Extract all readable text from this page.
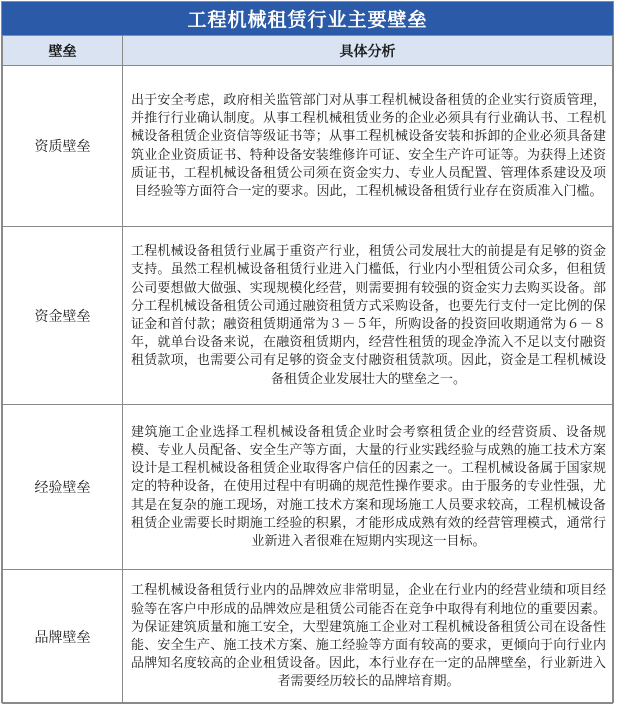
工程机械租赁行业主要壁垒
壁垒	具体分析
资质壁垒	出于安全考虑，政府相关监管部门对从事工程机械设备租赁的企业实行资质管理，并推行行业确认制度。从事工程机械租赁业务的企业必须具有行业确认书、工程机械设备租赁企业资信等级证书等；从事工程机械设备安装和拆卸的企业必须具备建筑业企业资质证书、特种设备安装维修许可证、安全生产许可证等。为获得上述资质证书，工程机械设备租赁公司须在资金实力、专业人员配置、管理体系建设及项目经验等方面符合一定的要求。因此，工程机械设备租赁行业存在资质准入门槛。
资金壁垒	工程机械设备租赁行业属于重资产行业，租赁公司发展壮大的前提是有足够的资金支持。虽然工程机械设备租赁行业进入门槛低，行业内小型租赁公司众多，但租赁公司要想做大做强、实现规模化经营，则需要拥有较强的资金实力去购买设备。部分工程机械设备租赁公司通过融资租赁方式采购设备，也要先行支付一定比例的保证金和首付款；融资租赁期通常为３－５年，所购设备的投资回收期通常为６－８年，就单台设备来说，在融资租赁期内，经营性租赁的现金净流入不足以支付融资租赁款项，也需要公司有足够的资金支付融资租赁款项。因此，资金是工程机械设备租赁企业发展壮大的壁垒之一。
经验壁垒	建筑施工企业选择工程机械设备租赁企业时会考察租赁企业的经营资质、设备规模、专业人员配备、安全生产等方面，大量的行业实践经验与成熟的施工技术方案设计是工程机械设备租赁企业取得客户信任的因素之一。工程机械设备属于国家规定的特种设备，在使用过程中有明确的规范性操作要求。由于服务的专业性强，尤其是在复杂的施工现场，对施工技术方案和现场施工人员要求较高，工程机械设备租赁企业需要长时期施工经验的积累，才能形成成熟有效的经营管理模式，通常行业新进入者很难在短期内实现这一目标。
品牌壁垒	工程机械设备租赁行业内的品牌效应非常明显，企业在行业内的经营业绩和项目经验等在客户中形成的品牌效应是租赁公司能否在竞争中取得有利地位的重要因素。为保证建筑质量和施工安全，大型建筑施工企业对工程机械设备租赁公司在设备性能、安全生产、施工技术方案、施工经验等方面有较高的要求，更倾向于向行业内品牌知名度较高的企业租赁设备。因此，本行业存在一定的品牌壁垒，行业新进入者需要经历较长的品牌培育期。
